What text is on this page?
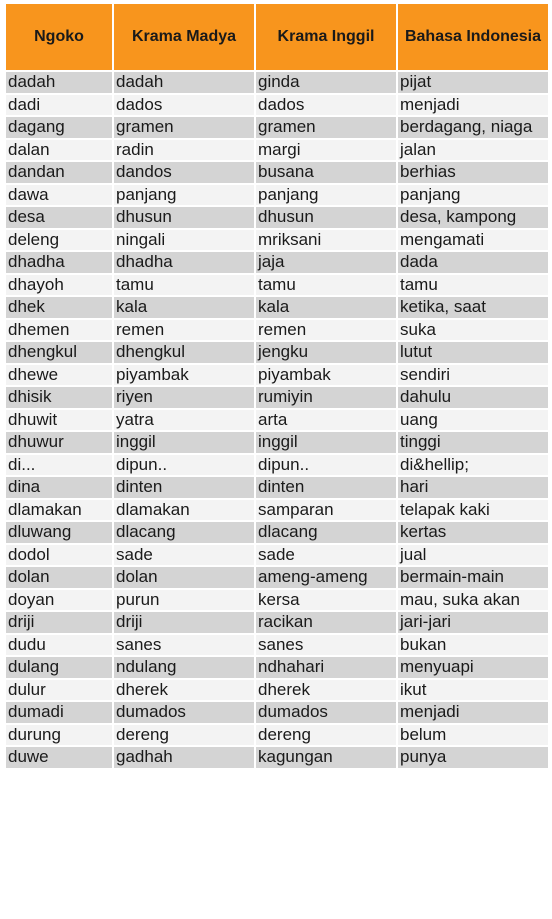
Ngoko	Krama Madya	Krama Inggil	Bahasa Indonesia
dadah	dadah	ginda	pijat
dadi	dados	dados	menjadi
dagang	gramen	gramen	berdagang, niaga
dalan	radin	margi	jalan
dandan	dandos	busana	berhias
dawa	panjang	panjang	panjang
desa	dhusun	dhusun	desa, kampong
deleng	ningali	mriksani	mengamati
dhadha	dhadha	jaja	dada
dhayoh	tamu	tamu	tamu
dhek	kala	kala	ketika, saat
dhemen	remen	remen	suka
dhengkul	dhengkul	jengku	lutut
dhewe	piyambak	piyambak	sendiri
dhisik	riyen	rumiyin	dahulu
dhuwit	yatra	arta	uang
dhuwur	inggil	inggil	tinggi
di...	dipun..	dipun..	di&hellip;
dina	dinten	dinten	hari
dlamakan	dlamakan	samparan	telapak kaki
dluwang	dlacang	dlacang	kertas
dodol	sade	sade	jual
dolan	dolan	ameng-ameng	bermain-main
doyan	purun	kersa	mau, suka akan
driji	driji	racikan	jari-jari
dudu	sanes	sanes	bukan
dulang	ndulang	ndhahari	menyuapi
dulur	dherek	dherek	ikut
dumadi	dumados	dumados	menjadi
durung	dereng	dereng	belum
duwe	gadhah	kagungan	punya
